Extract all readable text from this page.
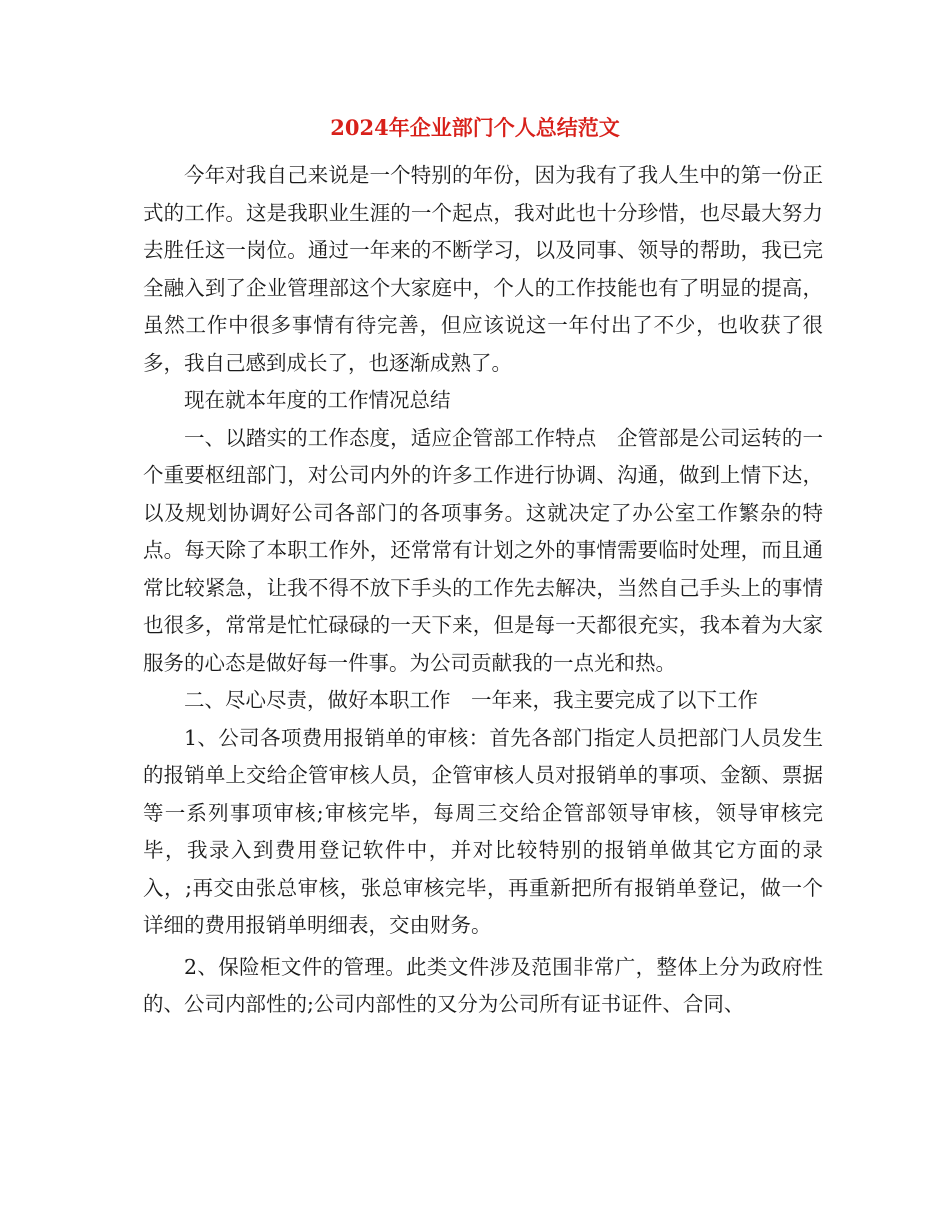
2024年企业部门个人总结范文

今年对我自己来说是一个特别的年份，因为我有了我人生中的第一份正式的工作。这是我职业生涯的一个起点，我对此也十分珍惜，也尽最大努力去胜任这一岗位。通过一年来的不断学习，以及同事、领导的帮助，我已完全融入到了企业管理部这个大家庭中，个人的工作技能也有了明显的提高，虽然工作中很多事情有待完善，但应该说这一年付出了不少，也收获了很多，我自己感到成长了，也逐渐成熟了。

现在就本年度的工作情况总结

一、以踏实的工作态度，适应企管部工作特点　企管部是公司运转的一个重要枢纽部门，对公司内外的许多工作进行协调、沟通，做到上情下达，以及规划协调好公司各部门的各项事务。这就决定了办公室工作繁杂的特点。每天除了本职工作外，还常常有计划之外的事情需要临时处理，而且通常比较紧急，让我不得不放下手头的工作先去解决，当然自己手头上的事情也很多，常常是忙忙碌碌的一天下来，但是每一天都很充实，我本着为大家服务的心态是做好每一件事。为公司贡献我的一点光和热。

二、尽心尽责，做好本职工作　一年来，我主要完成了以下工作

1、公司各项费用报销单的审核：首先各部门指定人员把部门人员发生的报销单上交给企管审核人员，企管审核人员对报销单的事项、金额、票据等一系列事项审核;审核完毕，每周三交给企管部领导审核，领导审核完毕，我录入到费用登记软件中，并对比较特别的报销单做其它方面的录入，;再交由张总审核，张总审核完毕，再重新把所有报销单登记，做一个详细的费用报销单明细表，交由财务。

2、保险柜文件的管理。此类文件涉及范围非常广，整体上分为政府性的、公司内部性的;公司内部性的又分为公司所有证书证件、合同、
